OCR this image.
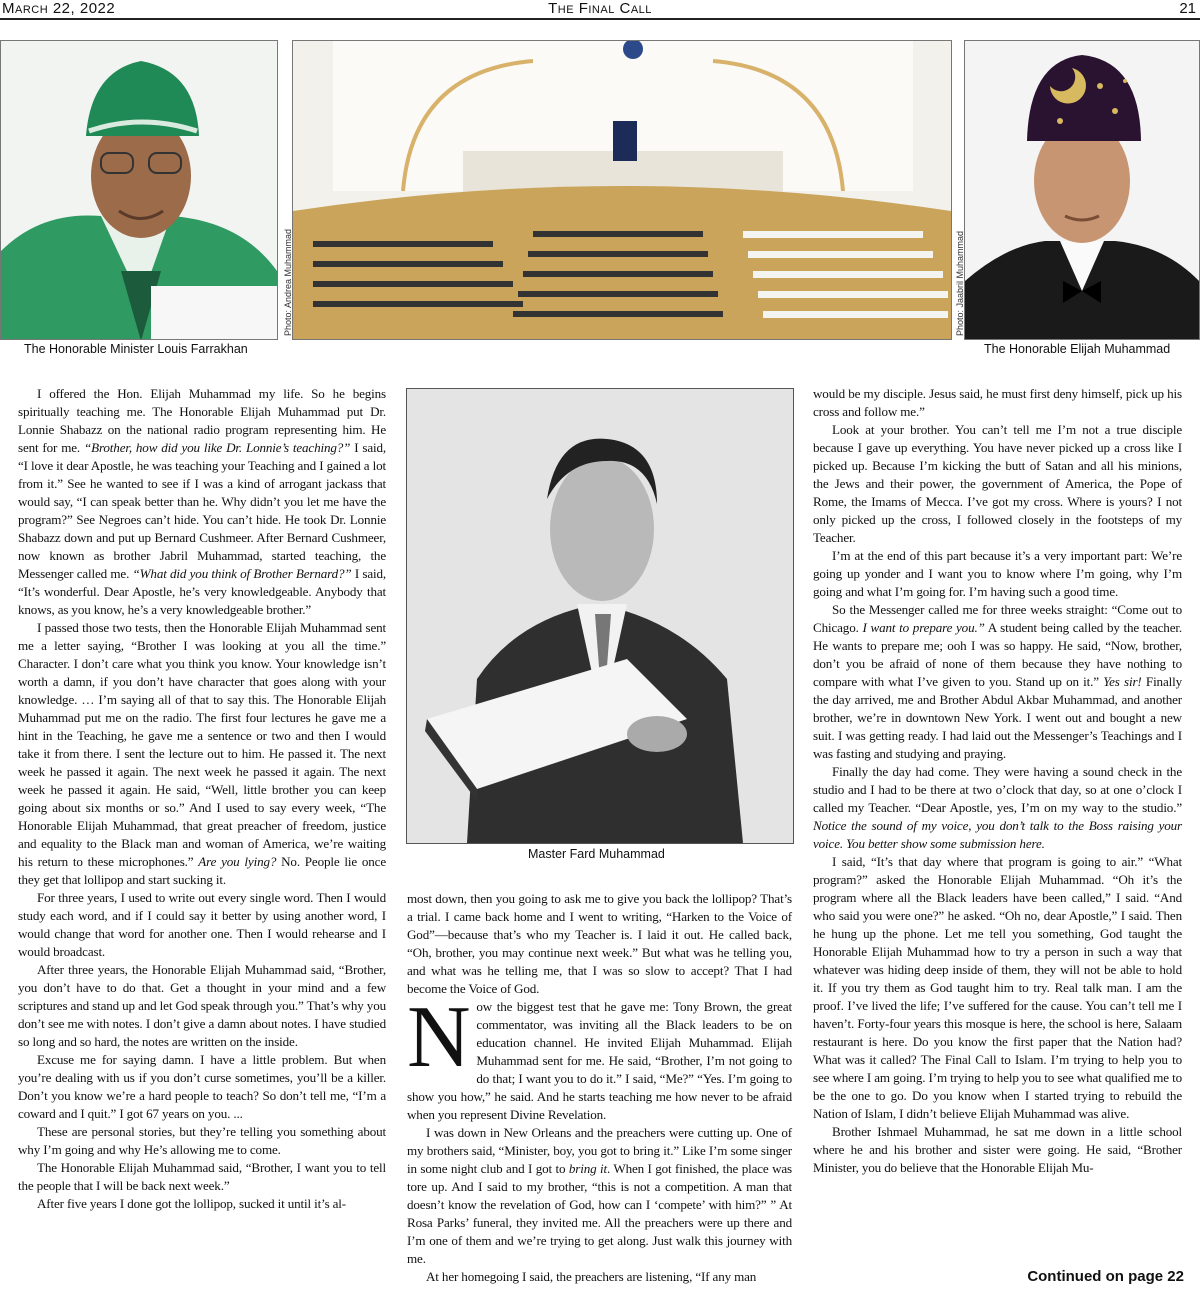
March 22, 2022	The Final Call	21
Photo: Andrea Muhammad	Photo: Jaabril Muhammad
The Honorable Minister Louis Farrakhan	The Honorable Elijah Muhammad

I offered the Hon. Elijah Muhammad my life. So he begins spiritually teaching me. The Honorable Elijah Muhammad put Dr. Lonnie Shabazz on the national radio program representing him. He sent for me. “Brother, how did you like Dr. Lonnie’s teaching?” I said, “I love it dear Apostle, he was teaching your Teaching and I gained a lot from it.” See he wanted to see if I was a kind of arrogant jackass that would say, “I can speak better than he. Why didn’t you let me have the program?” See Negroes can’t hide. You can’t hide. He took Dr. Lonnie Shabazz down and put up Bernard Cushmeer. After Bernard Cushmeer, now known as brother Jabril Muhammad, started teaching, the Messenger called me. “What did you think of Brother Bernard?” I said, “It’s wonderful. Dear Apostle, he’s very knowledgeable. Anybody that knows, as you know, he’s a very knowledgeable brother.”

I passed those two tests, then the Honorable Elijah Muhammad sent me a letter saying, “Brother I was looking at you all the time.” Character. I don’t care what you think you know. Your knowledge isn’t worth a damn, if you don’t have character that goes along with your knowledge. … I’m saying all of that to say this. The Honorable Elijah Muhammad put me on the radio. The first four lectures he gave me a hint in the Teaching, he gave me a sentence or two and then I would take it from there. I sent the lecture out to him. He passed it. The next week he passed it again. The next week he passed it again. The next week he passed it again. He said, “Well, little brother you can keep going about six months or so.” And I used to say every week, “The Honorable Elijah Muhammad, that great preacher of freedom, justice and equality to the Black man and woman of America, we’re waiting his return to these microphones.” Are you lying? No. People lie once they get that lollipop and start sucking it.

For three years, I used to write out every single word. Then I would study each word, and if I could say it better by using another word, I would change that word for another one. Then I would rehearse and I would broadcast.

After three years, the Honorable Elijah Muhammad said, “Brother, you don’t have to do that. Get a thought in your mind and a few scriptures and stand up and let God speak through you.” That’s why you don’t see me with notes. I don’t give a damn about notes. I have studied so long and so hard, the notes are written on the inside.

Excuse me for saying damn. I have a little problem. But when you’re dealing with us if you don’t curse sometimes, you’ll be a killer. Don’t you know we’re a hard people to teach? So don’t tell me, “I’m a coward and I quit.” I got 67 years on you. ...

These are personal stories, but they’re telling you something about why I’m going and why He’s allowing me to come.

The Honorable Elijah Muhammad said, “Brother, I want you to tell the people that I will be back next week.”

After five years I done got the lollipop, sucked it until it’s al-

Master Fard Muhammad

most down, then you going to ask me to give you back the lollipop? That’s a trial. I came back home and I went to writing, “Harken to the Voice of God”—because that’s who my Teacher is. I laid it out. He called back, “Oh, brother, you may continue next week.” But what was he telling you, and what was he telling me, that I was so slow to accept? That I had become the Voice of God.

Now the biggest test that he gave me: Tony Brown, the great commentator, was inviting all the Black leaders to be on education channel. He invited Elijah Muhammad. Elijah Muhammad sent for me. He said, “Brother, I’m not going to do that; I want you to do it.” I said, “Me?” “Yes. I’m going to show you how,” he said. And he starts teaching me how never to be afraid when you represent Divine Revelation.

I was down in New Orleans and the preachers were cutting up. One of my brothers said, “Minister, boy, you got to bring it.” Like I’m some singer in some night club and I got to bring it. When I got finished, the place was tore up. And I said to my brother, “this is not a competition. A man that doesn’t know the revelation of God, how can I ‘compete’ with him?” ” At Rosa Parks’ funeral, they invited me. All the preachers were up there and I’m one of them and we’re trying to get along. Just walk this journey with me.

At her homegoing I said, the preachers are listening, “If any man

would be my disciple. Jesus said, he must first deny himself, pick up his cross and follow me.”

Look at your brother. You can’t tell me I’m not a true disciple because I gave up everything. You have never picked up a cross like I picked up. Because I’m kicking the butt of Satan and all his minions, the Jews and their power, the government of America, the Pope of Rome, the Imams of Mecca. I’ve got my cross. Where is yours? I not only picked up the cross, I followed closely in the footsteps of my Teacher.

I’m at the end of this part because it’s a very important part: We’re going up yonder and I want you to know where I’m going, why I’m going and what I’m going for. I’m having such a good time.

So the Messenger called me for three weeks straight: “Come out to Chicago. I want to prepare you.” A student being called by the teacher. He wants to prepare me; ooh I was so happy. He said, “Now, brother, don’t you be afraid of none of them because they have nothing to compare with what I’ve given to you. Stand up on it.” Yes sir! Finally the day arrived, me and Brother Abdul Akbar Muhammad, and another brother, we’re in downtown New York. I went out and bought a new suit. I was getting ready. I had laid out the Messenger’s Teachings and I was fasting and studying and praying.

Finally the day had come. They were having a sound check in the studio and I had to be there at two o’clock that day, so at one o’clock I called my Teacher. “Dear Apostle, yes, I’m on my way to the studio.” Notice the sound of my voice, you don’t talk to the Boss raising your voice. You better show some submission here.

I said, “It’s that day where that program is going to air.” “What program?” asked the Honorable Elijah Muhammad. “Oh it’s the program where all the Black leaders have been called,” I said. “And who said you were one?” he asked. “Oh no, dear Apostle,” I said. Then he hung up the phone. Let me tell you something, God taught the Honorable Elijah Muhammad how to try a person in such a way that whatever was hiding deep inside of them, they will not be able to hold it. If you try them as God taught him to try. Real talk man. I am the proof. I’ve lived the life; I’ve suffered for the cause. You can’t tell me I haven’t. Forty-four years this mosque is here, the school is here, Salaam restaurant is here. Do you know the first paper that the Nation had? What was it called? The Final Call to Islam. I’m trying to help you to see where I am going. I’m trying to help you to see what qualified me to be the one to go. Do you know when I started trying to rebuild the Nation of Islam, I didn’t believe Elijah Muhammad was alive.

Brother Ishmael Muhammad, he sat me down in a little school where he and his brother and sister were going. He said, “Brother Minister, you do believe that the Honorable Elijah Mu-

Continued on page 22
